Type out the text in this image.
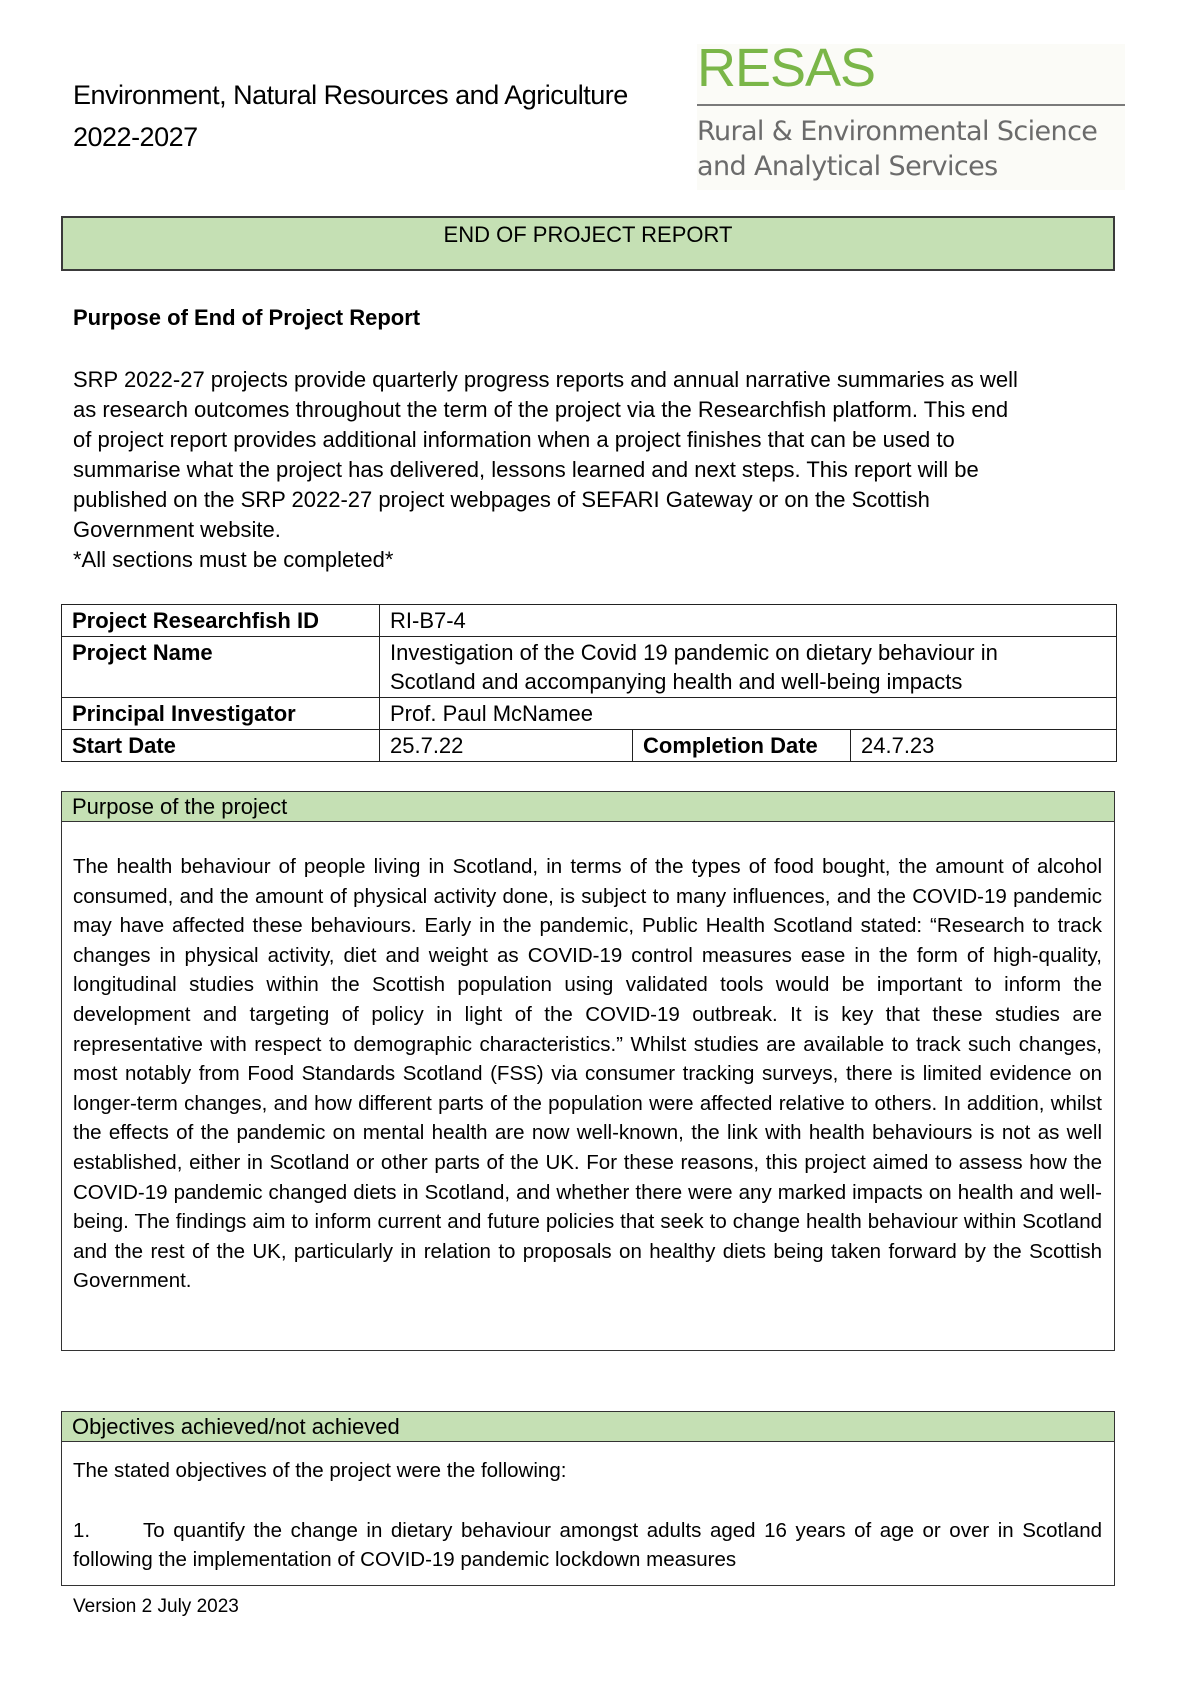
Environment, Natural Resources and Agriculture
2022-2027
RESAS
Rural & Environmental Science
and Analytical Services
END OF PROJECT REPORT
Purpose of End of Project Report

SRP 2022-27 projects provide quarterly progress reports and annual narrative summaries as well

as research outcomes throughout the term of the project via the Researchfish platform. This end

of project report provides additional information when a project finishes that can be used to

summarise what the project has delivered, lessons learned and next steps. This report will be

published on the SRP 2022-27 project webpages of SEFARI Gateway or on the Scottish

Government website.

*All sections must be completed*

Project Researchfish ID	RI-B7-4		
Project Name	Investigation of the Covid 19 pandemic on dietary behaviour in Scotland and accompanying health and well-being impacts		
Principal Investigator	Prof. Paul McNamee		
Start Date	25.7.22	Completion Date	24.7.23
Purpose of the project

The health behaviour of people living in Scotland, in terms of the types of food bought, the amount of alcohol consumed, and the amount of physical activity done, is subject to many influences, and the COVID-19 pandemic may have affected these behaviours. Early in the pandemic, Public Health Scotland stated: “Research to track changes in physical activity, diet and weight as COVID-19 control measures ease in the form of high-quality, longitudinal studies within the Scottish population using validated tools would be important to inform the development and targeting of policy in light of the COVID-19 outbreak. It is key that these studies are representative with respect to demographic characteristics.” Whilst studies are available to track such changes, most notably from Food Standards Scotland (FSS) via consumer tracking surveys, there is limited evidence on longer-term changes, and how different parts of the population were affected relative to others. In addition, whilst the effects of the pandemic on mental health are now well-known, the link with health behaviours is not as well established, either in Scotland or other parts of the UK. For these reasons, this project aimed to assess how the COVID-19 pandemic changed diets in Scotland, and whether there were any marked impacts on health and well-being. The findings aim to inform current and future policies that seek to change health behaviour within Scotland and the rest of the UK, particularly in relation to proposals on healthy diets being taken forward by the Scottish Government.

Objectives achieved/not achieved

The stated objectives of the project were the following:

1.	To quantify the change in dietary behaviour amongst adults aged 16 years of age or over in Scotland following the implementation of COVID-19 pandemic lockdown measures

Version 2 July 2023
